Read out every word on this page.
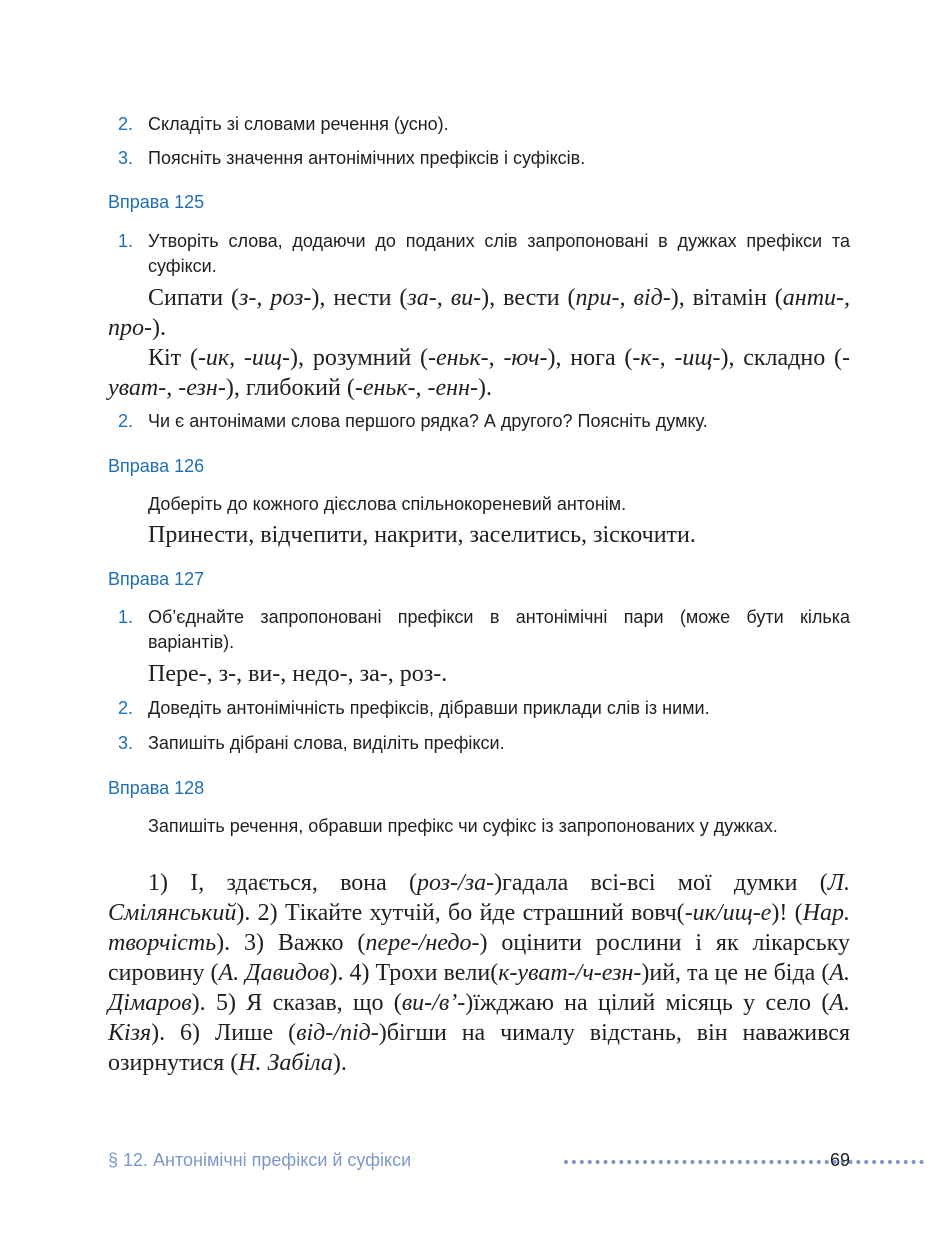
2. Складіть зі словами речення (усно).
3. Поясніть значення антонімічних префіксів і суфіксів.
Вправа 125
1. Утворіть слова, додаючи до поданих слів запропоновані в дужках префікси та суфікси.
Сипати (з-, роз-), нести (за-, ви-), вести (при-, від-), вітамін (анти-, про-).
Кіт (-ик, -ищ-), розумний (-еньк-, -юч-), нога (-к-, -ищ-), складно (-уват-, -езн-), глибокий (-еньк-, -енн-).
2. Чи є антонімами слова першого рядка? А другого? Поясніть думку.
Вправа 126
Доберіть до кожного дієслова спільнокореневий антонім.
Принести, відчепити, накрити, заселитись, зіскочити.
Вправа 127
1. Об’єднайте запропоновані префікси в антонімічні пари (може бути кілька варіантів).
Пере-, з-, ви-, недо-, за-, роз-.
2. Доведіть антонімічність префіксів, дібравши приклади слів із ними.
3. Запишіть дібрані слова, виділіть префікси.
Вправа 128
Запишіть речення, обравши префікс чи суфікс із запропонованих у дужках.
1) І, здається, вона (роз-/за-)гадала всі-всі мої думки (Л. Смілянський). 2) Тікайте хутчій, бо йде страшний вовч(-ик/ищ-е)! (Нар. творчість). 3) Важко (пере-/недо-) оцінити рослини і як лікарську сировину (А. Давидов). 4) Трохи вели(к-уват-/ч-езн-)ий, та це не біда (А. Дімаров). 5) Я сказав, що (ви-/в’-)їжджаю на цілий місяць у село (А. Кізя). 6) Лише (від-/під-)бігши на чималу відстань, він наважився озирнутися (Н. Забіла).
§ 12. Антонімічні префікси й суфікси	69
